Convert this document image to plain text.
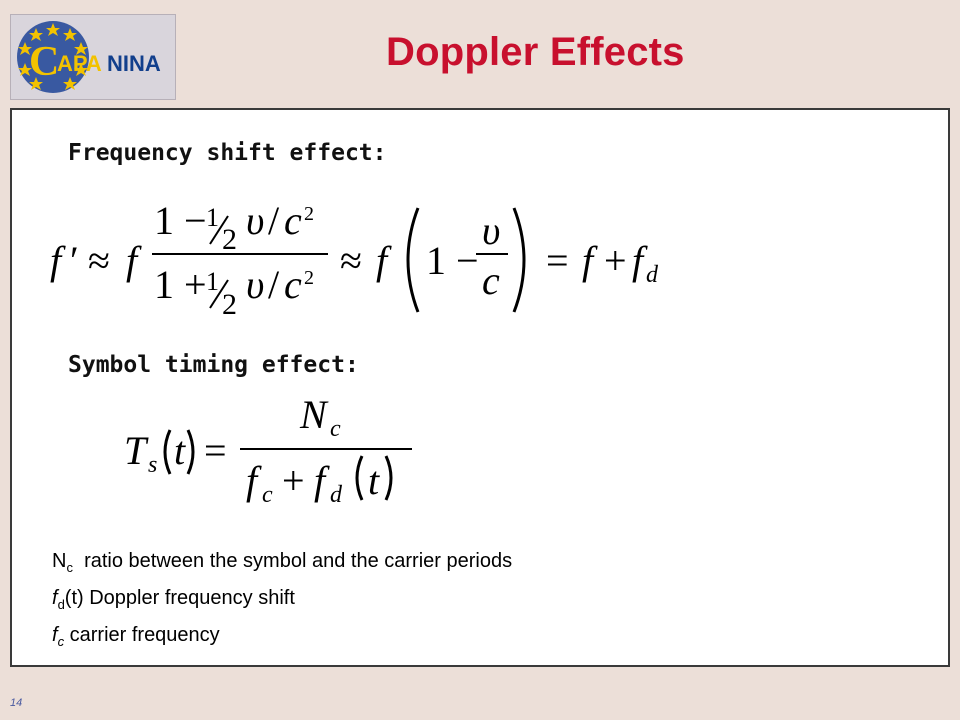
C
APA NINA	Doppler Effects
Frequency shift effect:
f ′ ≈ f
1 − 1
2 υ / c 2
1 + 1
2 υ / c 2 ≈ f 1 −
υ
c = f + f d
Symbol timing effect:
T s t =
N c
f c + f d t
$N_c$  ratio between the symbol and the carrier periods
$f_d(t)$ Doppler frequency shift
$f_c$ carrier frequency
14
